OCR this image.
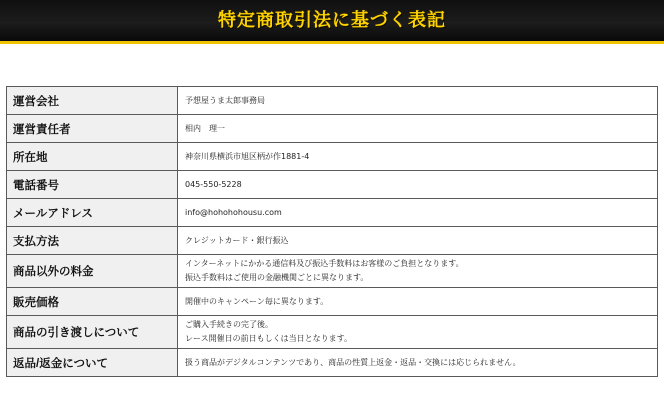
特定商取引法に基づく表記
運営会社	予想屋うま太郎事務局

運営責任者	相内　理一

所在地	神奈川県横浜市旭区柄が作1881-4

電話番号	045-550-5228

メールアドレス	info@hohohohousu.com

支払方法	クレジットカード・銀行振込

商品以外の料金	インターネットにかかる通信料及び振込手数料はお客様のご負担となります。
振込手数料はご使用の金融機関ごとに異なります。

販売価格	開催中のキャンペーン毎に異なります。

商品の引き渡しについて	ご購入手続きの完了後。
レース開催日の前日もしくは当日となります。

返品/返金について	扱う商品がデジタルコンテンツであり、商品の性質上返金・返品・交換には応じられません。
